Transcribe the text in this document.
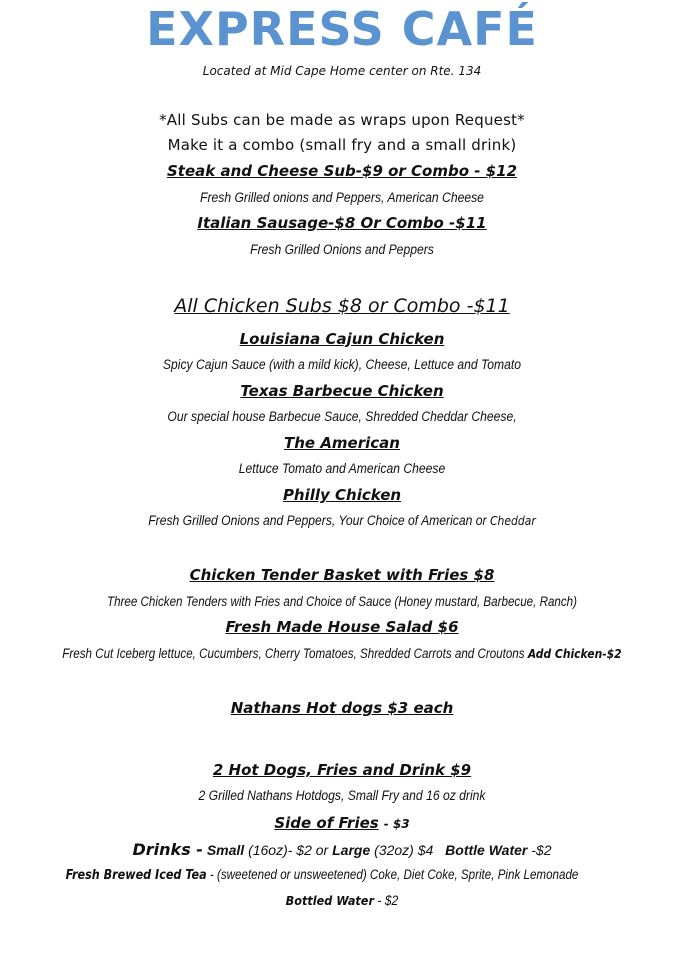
EXPRESS CAFÉ
Located at Mid Cape Home center on Rte. 134
*All Subs can be made as wraps upon Request*
Make it a combo (small fry and a small drink)
Steak and Cheese Sub-$9 or Combo - $12
Fresh Grilled onions and Peppers, American Cheese
Italian Sausage-$8 Or Combo -$11
Fresh Grilled Onions and Peppers
All Chicken Subs $8 or Combo -$11
Louisiana Cajun Chicken
Spicy Cajun Sauce (with a mild kick), Cheese, Lettuce and Tomato
Texas Barbecue Chicken
Our special house Barbecue Sauce, Shredded Cheddar Cheese,
The American
Lettuce Tomato and American Cheese
Philly Chicken
Fresh Grilled Onions and Peppers, Your Choice of American or Cheddar
Chicken Tender Basket with Fries $8
Three Chicken Tenders with Fries and Choice of Sauce (Honey mustard, Barbecue, Ranch)
Fresh Made House Salad $6
Fresh Cut Iceberg lettuce, Cucumbers, Cherry Tomatoes, Shredded Carrots and Croutons Add Chicken-$2
Nathans Hot dogs $3 each
2 Hot Dogs, Fries and Drink $9
2 Grilled Nathans Hotdogs, Small Fry and 16 oz drink
Side of Fries - $3
Drinks - Small (16oz)- $2 or Large (32oz) $4 Bottle Water -$2
Fresh Brewed Iced Tea - (sweetened or unsweetened) Coke, Diet Coke, Sprite, Pink Lemonade
Bottled Water - $2
